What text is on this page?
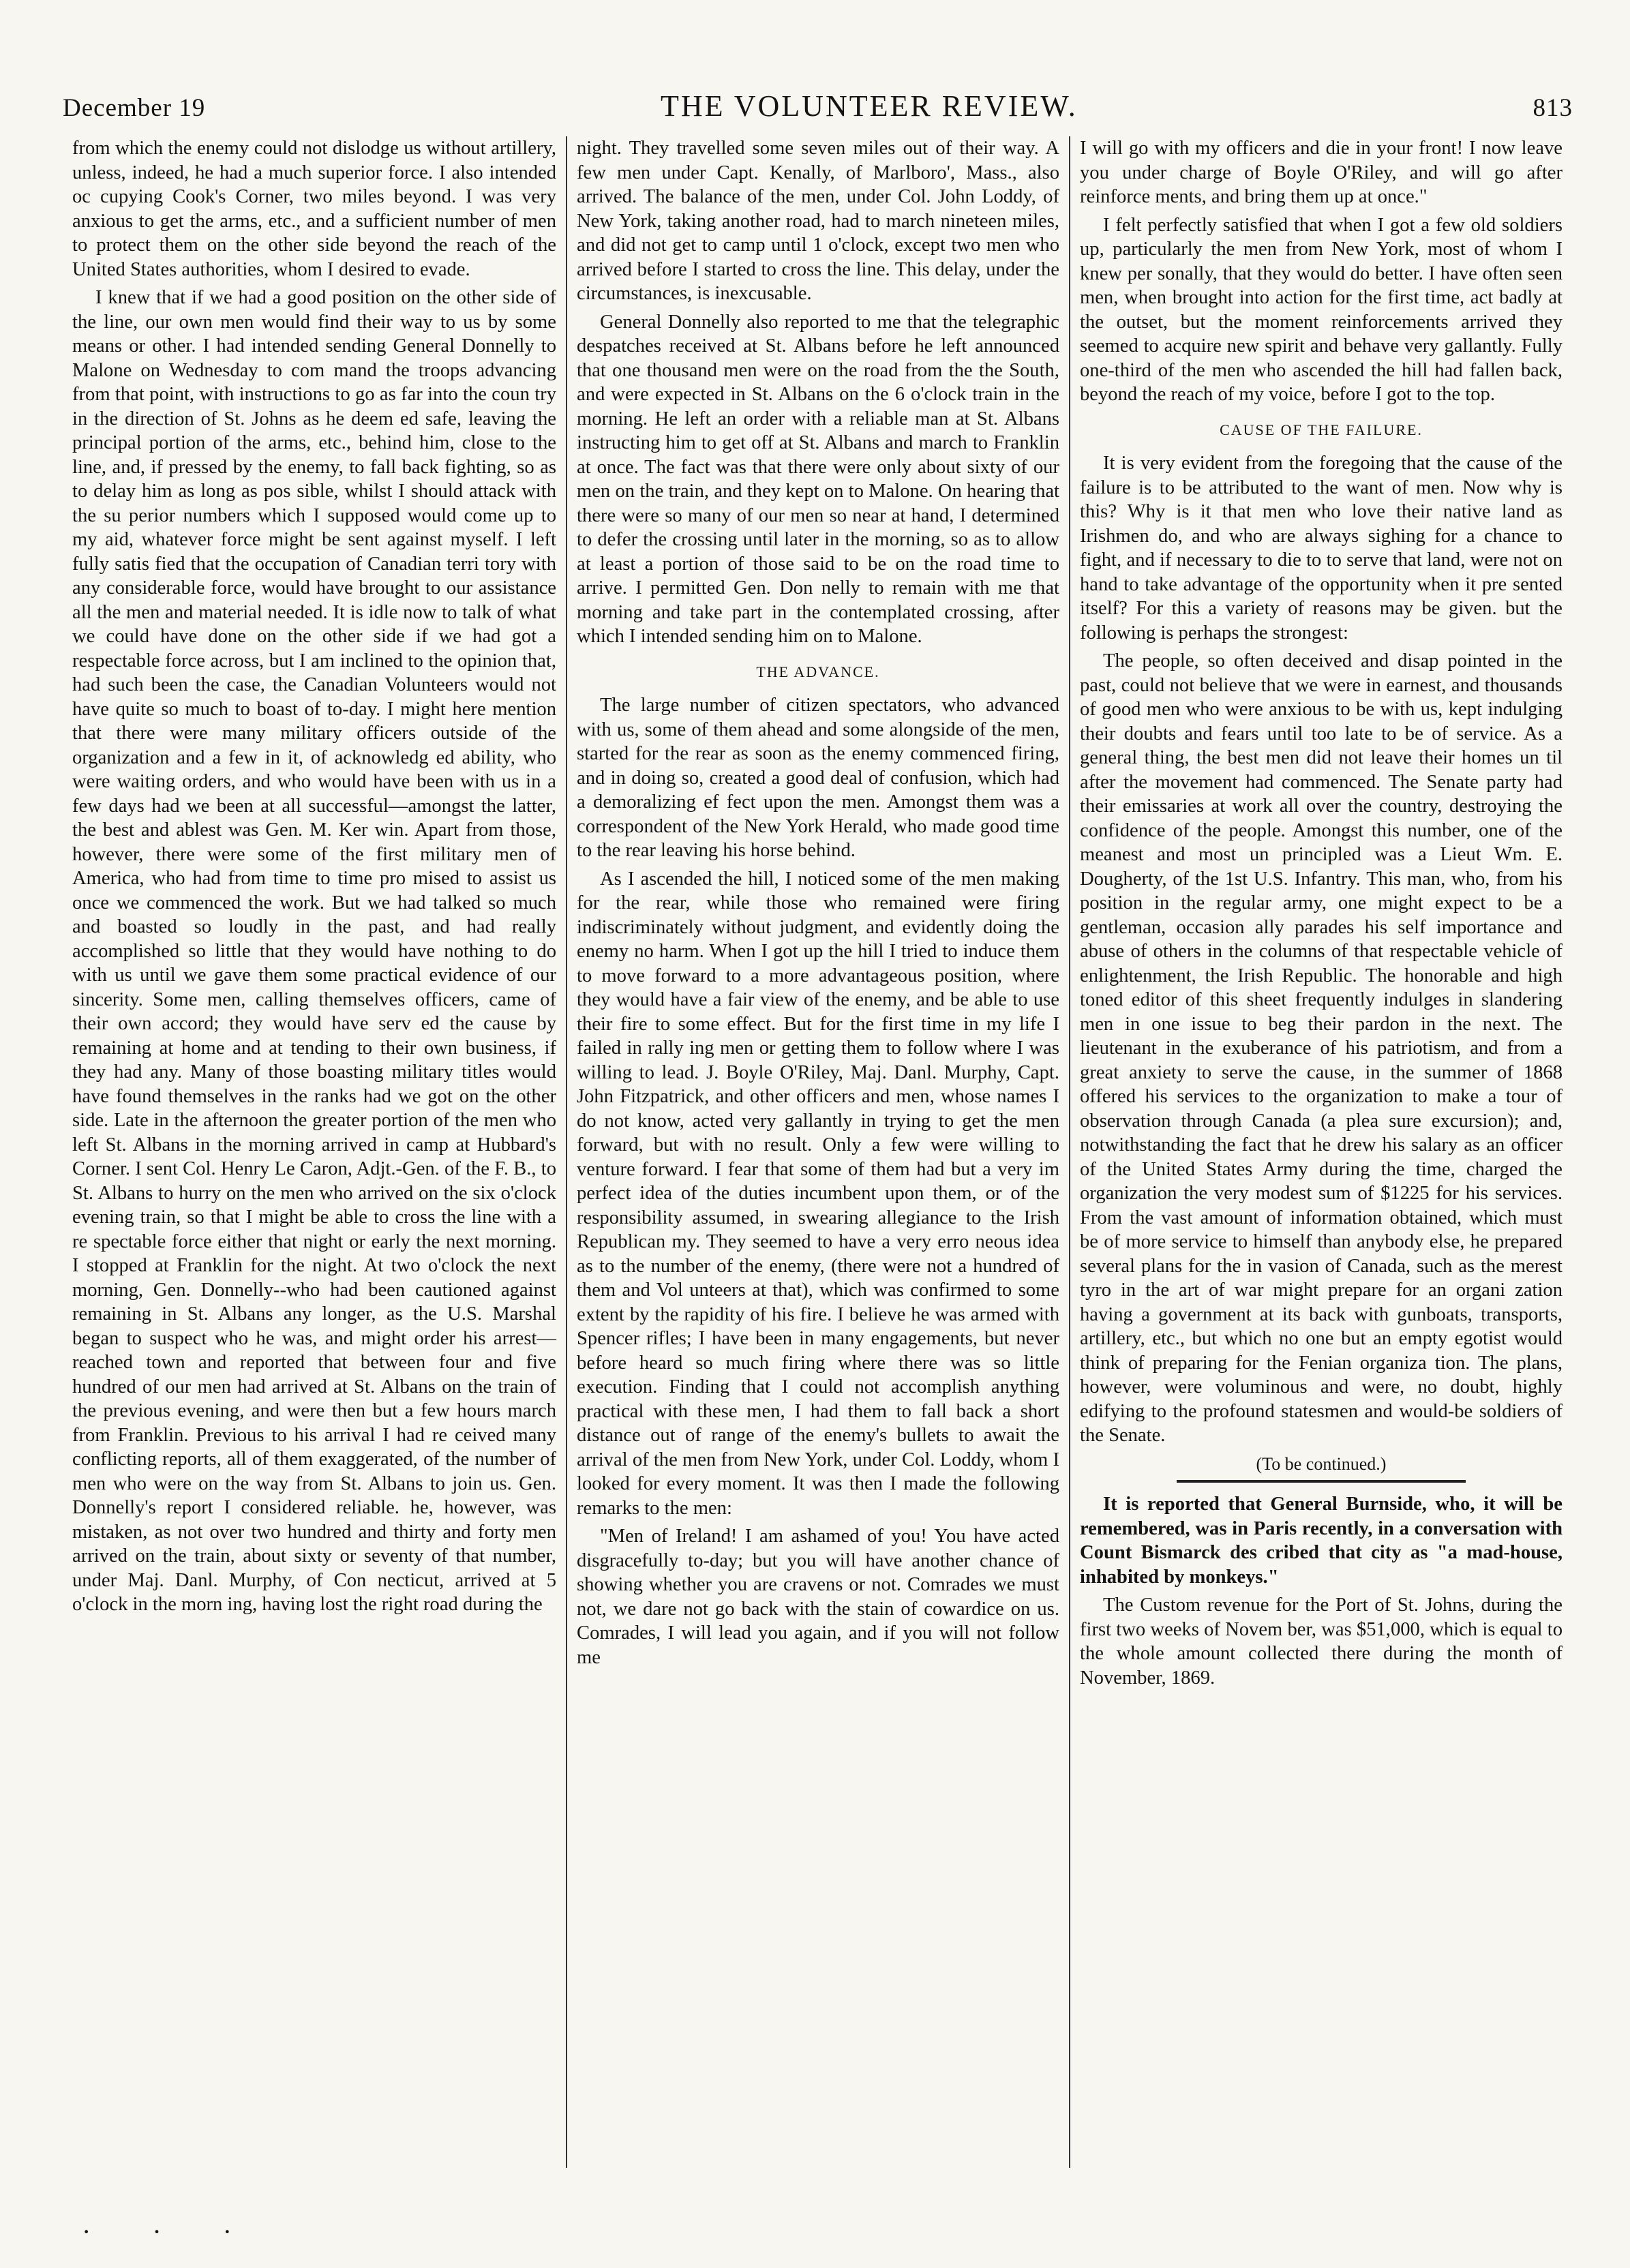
December 19	THE VOLUNTEER REVIEW.	813

from which the enemy could not dislodge us without artillery, unless, indeed, he had a much superior force. I also intended oc cupying Cook's Corner, two miles beyond. I was very anxious to get the arms, etc., and a sufficient number of men to protect them on the other side beyond the reach of the United States authorities, whom I desired to evade.

I knew that if we had a good position on the other side of the line, our own men would find their way to us by some means or other. I had intended sending General Donnelly to Malone on Wednesday to com mand the troops advancing from that point, with instructions to go as far into the coun try in the direction of St. Johns as he deem ed safe, leaving the principal portion of the arms, etc., behind him, close to the line, and, if pressed by the enemy, to fall back fighting, so as to delay him as long as pos sible, whilst I should attack with the su perior numbers which I supposed would come up to my aid, whatever force might be sent against myself. I left fully satis fied that the occupation of Canadian terri tory with any considerable force, would have brought to our assistance all the men and material needed. It is idle now to talk of what we could have done on the other side if we had got a respectable force across, but I am inclined to the opinion that, had such been the case, the Canadian Volunteers would not have quite so much to boast of to-day. I might here mention that there were many military officers outside of the organization and a few in it, of acknowledg ed ability, who were waiting orders, and who would have been with us in a few days had we been at all successful—amongst the latter, the best and ablest was Gen. M. Ker win. Apart from those, however, there were some of the first military men of America, who had from time to time pro mised to assist us once we commenced the work. But we had talked so much and boasted so loudly in the past, and had really accomplished so little that they would have nothing to do with us until we gave them some practical evidence of our sincerity. Some men, calling themselves officers, came of their own accord; they would have serv ed the cause by remaining at home and at tending to their own business, if they had any. Many of those boasting military titles would have found themselves in the ranks had we got on the other side. Late in the afternoon the greater portion of the men who left St. Albans in the morning arrived in camp at Hubbard's Corner. I sent Col. Henry Le Caron, Adjt.-Gen. of the F. B., to St. Albans to hurry on the men who arrived on the six o'clock evening train, so that I might be able to cross the line with a re spectable force either that night or early the next morning. I stopped at Franklin for the night. At two o'clock the next morning, Gen. Donnelly--who had been cautioned against remaining in St. Albans any longer, as the U.S. Marshal began to suspect who he was, and might order his arrest—reached town and reported that between four and five hundred of our men had arrived at St. Albans on the train of the previous evening, and were then but a few hours march from Franklin. Previous to his arrival I had re ceived many conflicting reports, all of them exaggerated, of the number of men who were on the way from St. Albans to join us. Gen. Donnelly's report I considered reliable. he, however, was mistaken, as not over two hundred and thirty and forty men arrived on the train, about sixty or seventy of that number, under Maj. Danl. Murphy, of Con necticut, arrived at 5 o'clock in the morn ing, having lost the right road during the

night. They travelled some seven miles out of their way. A few men under Capt. Kenally, of Marlboro', Mass., also arrived. The balance of the men, under Col. John Loddy, of New York, taking another road, had to march nineteen miles, and did not get to camp until 1 o'clock, except two men who arrived before I started to cross the line. This delay, under the circumstances, is inexcusable.

General Donnelly also reported to me that the telegraphic despatches received at St. Albans before he left announced that one thousand men were on the road from the the South, and were expected in St. Albans on the 6 o'clock train in the morning. He left an order with a reliable man at St. Albans instructing him to get off at St. Albans and march to Franklin at once. The fact was that there were only about sixty of our men on the train, and they kept on to Malone. On hearing that there were so many of our men so near at hand, I determined to defer the crossing until later in the morning, so as to allow at least a portion of those said to be on the road time to arrive. I permitted Gen. Don nelly to remain with me that morning and take part in the contemplated crossing, after which I intended sending him on to Malone.

THE ADVANCE.

The large number of citizen spectators, who advanced with us, some of them ahead and some alongside of the men, started for the rear as soon as the enemy commenced firing, and in doing so, created a good deal of confusion, which had a demoralizing ef fect upon the men. Amongst them was a correspondent of the New York Herald, who made good time to the rear leaving his horse behind.

As I ascended the hill, I noticed some of the men making for the rear, while those who remained were firing indiscriminately without judgment, and evidently doing the enemy no harm. When I got up the hill I tried to induce them to move forward to a more advantageous position, where they would have a fair view of the enemy, and be able to use their fire to some effect. But for the first time in my life I failed in rally ing men or getting them to follow where I was willing to lead. J. Boyle O'Riley, Maj. Danl. Murphy, Capt. John Fitzpatrick, and other officers and men, whose names I do not know, acted very gallantly in trying to get the men forward, but with no result. Only a few were willing to venture forward. I fear that some of them had but a very im perfect idea of the duties incumbent upon them, or of the responsibility assumed, in swearing allegiance to the Irish Republican my. They seemed to have a very erro neous idea as to the number of the enemy, (there were not a hundred of them and Vol unteers at that), which was confirmed to some extent by the rapidity of his fire. I believe he was armed with Spencer rifles; I have been in many engagements, but never before heard so much firing where there was so little execution. Finding that I could not accomplish anything practical with these men, I had them to fall back a short distance out of range of the enemy's bullets to await the arrival of the men from New York, under Col. Loddy, whom I looked for every moment. It was then I made the following remarks to the men:

"Men of Ireland! I am ashamed of you! You have acted disgracefully to-day; but you will have another chance of showing whether you are cravens or not. Comrades we must not, we dare not go back with the stain of cowardice on us. Comrades, I will lead you again, and if you will not follow me

I will go with my officers and die in your front! I now leave you under charge of Boyle O'Riley, and will go after reinforce ments, and bring them up at once."

I felt perfectly satisfied that when I got a few old soldiers up, particularly the men from New York, most of whom I knew per sonally, that they would do better. I have often seen men, when brought into action for the first time, act badly at the outset, but the moment reinforcements arrived they seemed to acquire new spirit and behave very gallantly. Fully one-third of the men who ascended the hill had fallen back, beyond the reach of my voice, before I got to the top.

CAUSE OF THE FAILURE.

It is very evident from the foregoing that the cause of the failure is to be attributed to the want of men. Now why is this? Why is it that men who love their native land as Irishmen do, and who are always sighing for a chance to fight, and if necessary to die to to serve that land, were not on hand to take advantage of the opportunity when it pre sented itself? For this a variety of reasons may be given. but the following is perhaps the strongest:

The people, so often deceived and disap pointed in the past, could not believe that we were in earnest, and thousands of good men who were anxious to be with us, kept indulging their doubts and fears until too late to be of service. As a general thing, the best men did not leave their homes un til after the movement had commenced. The Senate party had their emissaries at work all over the country, destroying the confidence of the people. Amongst this number, one of the meanest and most un principled was a Lieut Wm. E. Dougherty, of the 1st U.S. Infantry. This man, who, from his position in the regular army, one might expect to be a gentleman, occasion ally parades his self importance and abuse of others in the columns of that respectable vehicle of enlightenment, the Irish Republic. The honorable and high toned editor of this sheet frequently indulges in slandering men in one issue to beg their pardon in the next. The lieutenant in the exuberance of his patriotism, and from a great anxiety to serve the cause, in the summer of 1868 offered his services to the organization to make a tour of observation through Canada (a plea sure excursion); and, notwithstanding the fact that he drew his salary as an officer of the United States Army during the time, charged the organization the very modest sum of $1225 for his services. From the vast amount of information obtained, which must be of more service to himself than anybody else, he prepared several plans for the in vasion of Canada, such as the merest tyro in the art of war might prepare for an organi zation having a government at its back with gunboats, transports, artillery, etc., but which no one but an empty egotist would think of preparing for the Fenian organiza tion. The plans, however, were voluminous and were, no doubt, highly edifying to the profound statesmen and would-be soldiers of the Senate.

(To be continued.)

It is reported that General Burnside, who, it will be remembered, was in Paris recently, in a conversation with Count Bismarck des cribed that city as "a mad-house, inhabited by monkeys."

The Custom revenue for the Port of St. Johns, during the first two weeks of Novem ber, was $51,000, which is equal to the whole amount collected there during the month of November, 1869.

· · ·
